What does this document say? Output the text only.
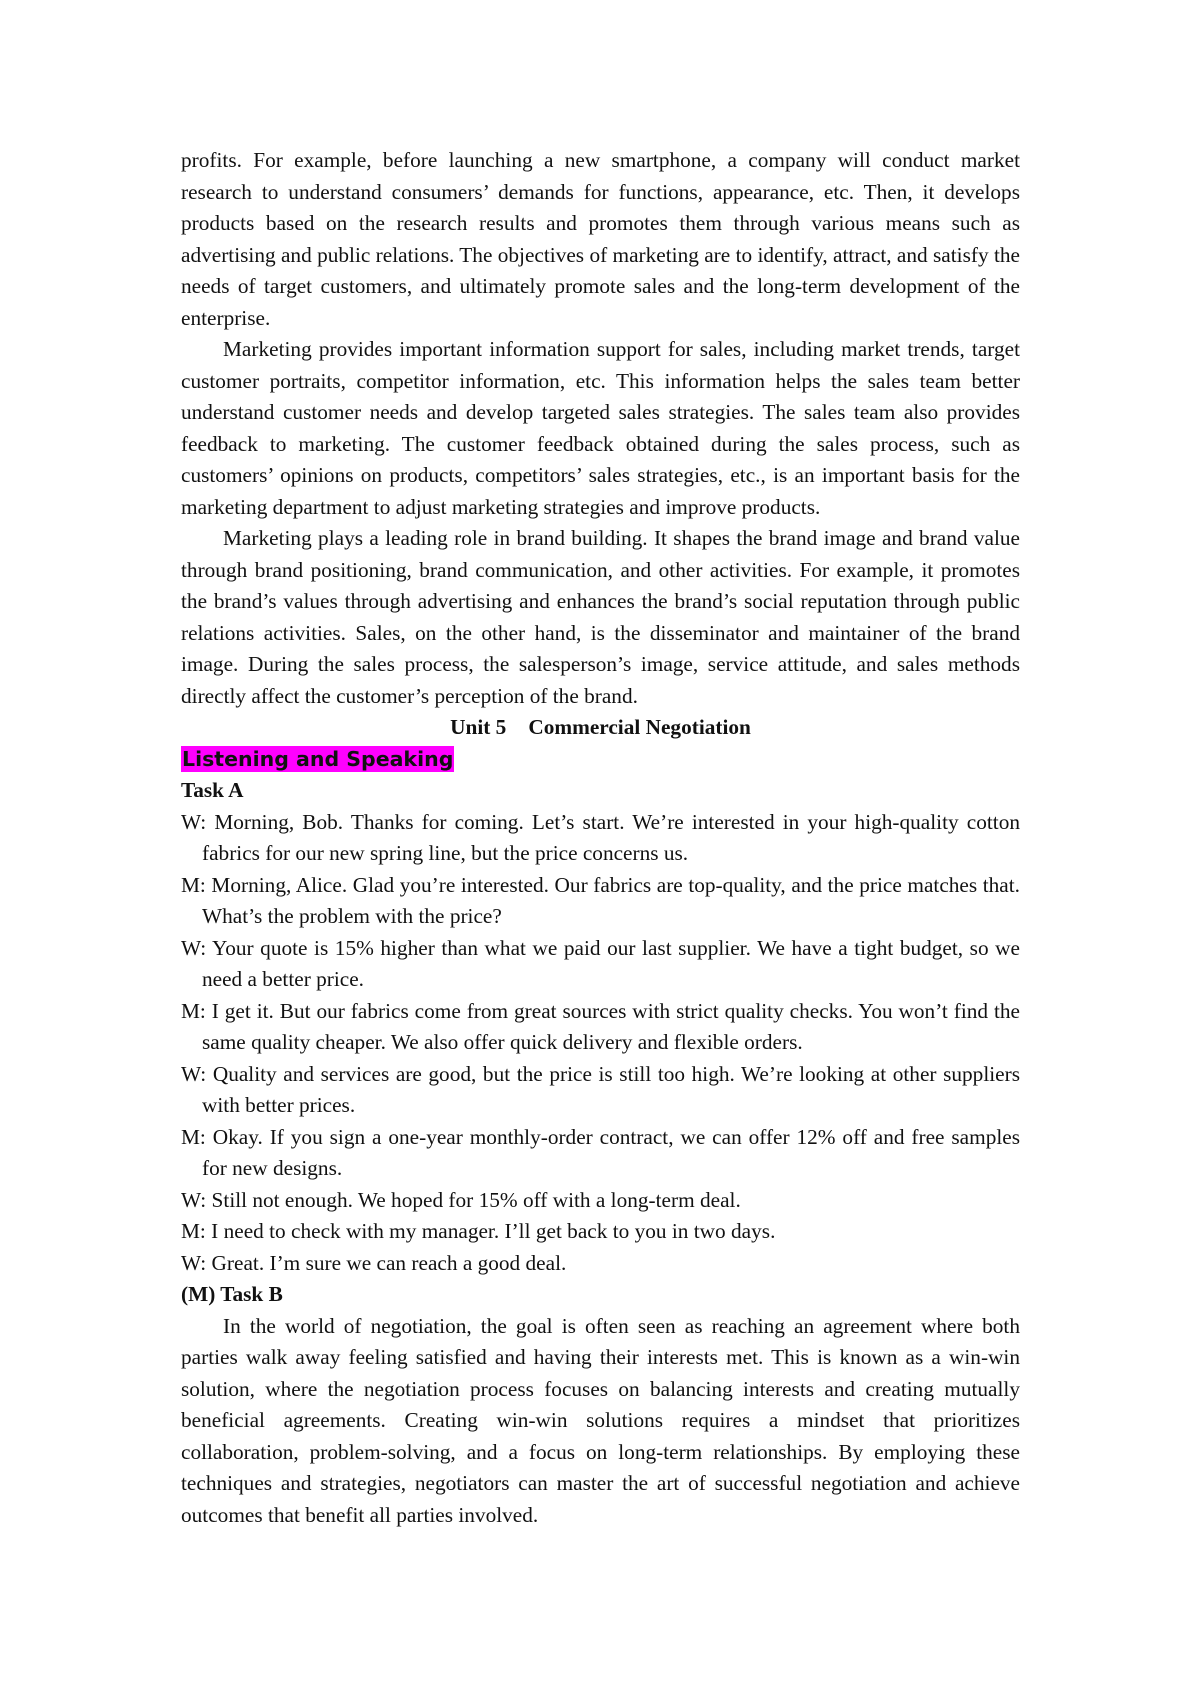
profits. For example, before launching a new smartphone, a company will conduct market research to understand consumers’ demands for functions, appearance, etc. Then, it develops products based on the research results and promotes them through various means such as advertising and public relations. The objectives of marketing are to identify, attract, and satisfy the needs of target customers, and ultimately promote sales and the long-term development of the enterprise.

Marketing provides important information support for sales, including market trends, target customer portraits, competitor information, etc. This information helps the sales team better understand customer needs and develop targeted sales strategies. The sales team also provides feedback to marketing. The customer feedback obtained during the sales process, such as customers’ opinions on products, competitors’ sales strategies, etc., is an important basis for the marketing department to adjust marketing strategies and improve products.

Marketing plays a leading role in brand building. It shapes the brand image and brand value through brand positioning, brand communication, and other activities. For example, it promotes the brand’s values through advertising and enhances the brand’s social reputation through public relations activities. Sales, on the other hand, is the disseminator and maintainer of the brand image. During the sales process, the salesperson’s image, service attitude, and sales methods directly affect the customer’s perception of the brand.

Unit 5 Commercial Negotiation

Listening and Speaking

Task A

W: Morning, Bob. Thanks for coming. Let’s start. We’re interested in your high-quality cotton fabrics for our new spring line, but the price concerns us.

M: Morning, Alice. Glad you’re interested. Our fabrics are top-quality, and the price matches that. What’s the problem with the price?

W: Your quote is 15% higher than what we paid our last supplier. We have a tight budget, so we need a better price.

M: I get it. But our fabrics come from great sources with strict quality checks. You won’t find the same quality cheaper. We also offer quick delivery and flexible orders.

W: Quality and services are good, but the price is still too high. We’re looking at other suppliers with better prices.

M: Okay. If you sign a one-year monthly-order contract, we can offer 12% off and free samples for new designs.

W: Still not enough. We hoped for 15% off with a long-term deal.

M: I need to check with my manager. I’ll get back to you in two days.

W: Great. I’m sure we can reach a good deal.

(M) Task B

In the world of negotiation, the goal is often seen as reaching an agreement where both parties walk away feeling satisfied and having their interests met. This is known as a win-win solution, where the negotiation process focuses on balancing interests and creating mutually beneficial agreements. Creating win-win solutions requires a mindset that prioritizes collaboration, problem-solving, and a focus on long-term relationships. By employing these techniques and strategies, negotiators can master the art of successful negotiation and achieve outcomes that benefit all parties involved.
